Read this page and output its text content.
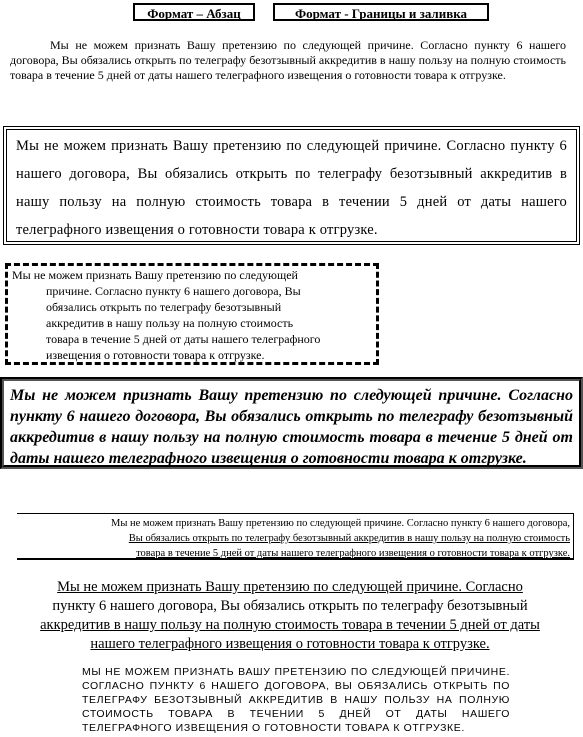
Формат – Абзац	Формат - Границы и заливка

Мы не можем признать Вашу претензию по следующей причине. Согласно пункту 6 нашего договора, Вы обязались открыть по телеграфу безотзывный аккредитив в нашу пользу на полную стоимость товара в течение 5 дней от даты нашего телеграфного извещения о готовности товара к отгрузке.

Мы не можем признать Вашу претензию по следующей причине. Согласно пункту 6 нашего договора, Вы обязались открыть по телеграфу безотзывный аккредитив в нашу пользу на полную стоимость товара в течении 5 дней от даты нашего телеграфного извещения о готовности товара к отгрузке.

Мы не можем признать Вашу претензию по следующей
причине. Согласно пункту 6 нашего договора, Вы
обязались открыть по телеграфу безотзывный
аккредитив в нашу пользу на полную стоимость
товара в течение 5 дней от даты нашего телеграфного
извещения о готовности товара к отгрузке.

Мы не можем признать Вашу претензию по следующей причине. Согласно пункту 6 нашего договора, Вы обязались открыть по телеграфу безотзывный аккредитив в нашу пользу на полную стоимость товара в течение 5 дней от даты нашего телеграфного извещения о готовности товара к отгрузке.

Мы не можем признать Вашу претензию по следующей причине. Согласно пункту 6 нашего договора,
Вы обязались открыть по телеграфу безотзывный аккредитив в нашу пользу на полную стоимость
товара в течение 5 дней от даты нашего телеграфного извещения о готовности товара к отгрузке.
Мы не можем признать Вашу претензию по следующей причине. Согласно
пункту 6 нашего договора, Вы обязались открыть по телеграфу безотзывный
аккредитив в нашу пользу на полную стоимость товара в течении 5 дней от даты
нашего телеграфного извещения о готовности товара к отгрузке.

МЫ НЕ МОЖЕМ ПРИЗНАТЬ ВАШУ ПРЕТЕНЗИЮ ПО СЛЕДУЮЩЕЙ ПРИЧИНЕ. СОГЛАСНО ПУНКТУ 6 НАШЕГО ДОГОВОРА, ВЫ ОБЯЗАЛИСЬ ОТКРЫТЬ ПО ТЕЛЕГРАФУ БЕЗОТЗЫВНЫЙ АККРЕДИТИВ В НАШУ ПОЛЬЗУ НА ПОЛНУЮ СТОИМОСТЬ ТОВАРА В ТЕЧЕНИИ 5 ДНЕЙ ОТ ДАТЫ НАШЕГО ТЕЛЕГРАФНОГО ИЗВЕЩЕНИЯ О ГОТОВНОСТИ ТОВАРА К ОТГРУЗКЕ.
